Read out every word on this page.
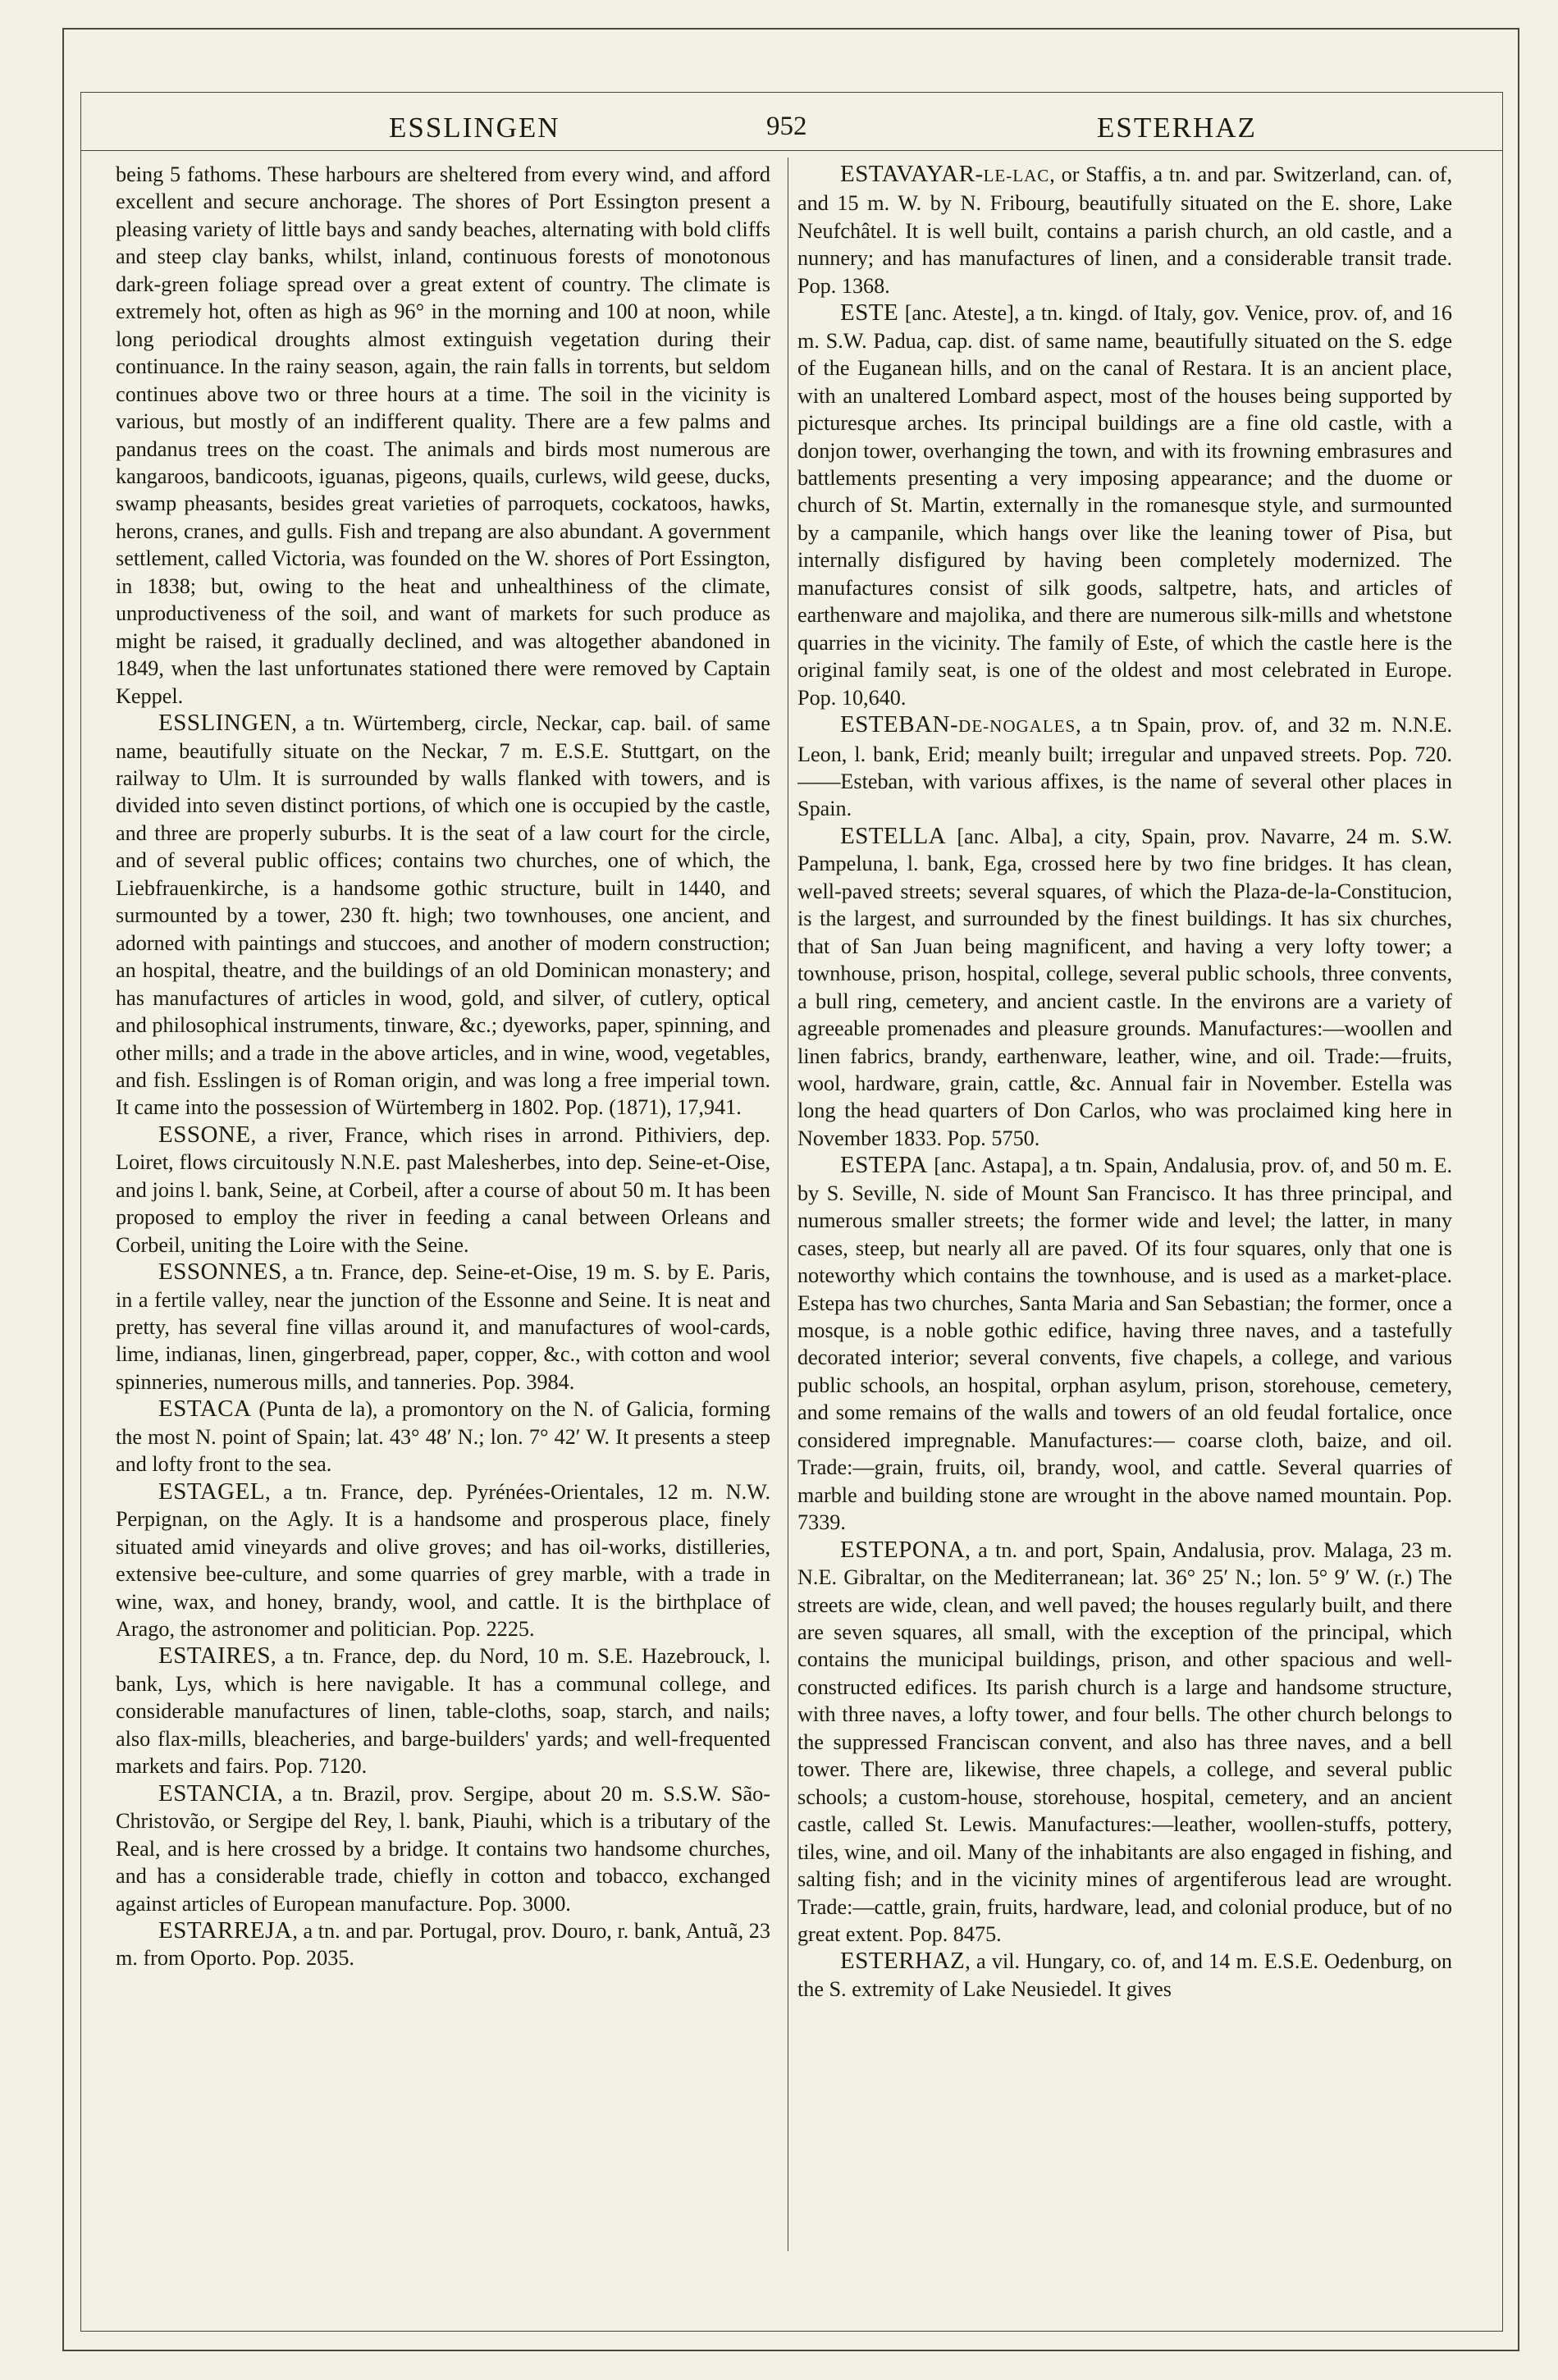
ESSLINGEN	952	ESTERHAZ

being 5 fathoms. These harbours are sheltered from every wind, and afford excellent and secure anchorage. The shores of Port Essington present a pleasing variety of little bays and sandy beaches, alternating with bold cliffs and steep clay banks, whilst, inland, continuous forests of monotonous dark-green foliage spread over a great extent of country. The climate is extremely hot, often as high as 96° in the morning and 100 at noon, while long periodical droughts almost extinguish vegetation during their continuance. In the rainy season, again, the rain falls in torrents, but seldom continues above two or three hours at a time. The soil in the vicinity is various, but mostly of an indifferent quality. There are a few palms and pandanus trees on the coast. The animals and birds most numerous are kangaroos, bandicoots, iguanas, pigeons, quails, curlews, wild geese, ducks, swamp pheasants, besides great varieties of parroquets, cockatoos, hawks, herons, cranes, and gulls. Fish and trepang are also abundant. A government settlement, called Victoria, was founded on the W. shores of Port Essington, in 1838; but, owing to the heat and unhealthiness of the climate, unproductiveness of the soil, and want of markets for such produce as might be raised, it gradually declined, and was altogether abandoned in 1849, when the last unfortunates stationed there were removed by Captain Keppel.

ESSLINGEN, a tn. Würtemberg, circle, Neckar, cap. bail. of same name, beautifully situate on the Neckar, 7 m. E.S.E. Stuttgart, on the railway to Ulm. It is surrounded by walls flanked with towers, and is divided into seven distinct portions, of which one is occupied by the castle, and three are properly suburbs. It is the seat of a law court for the circle, and of several public offices; contains two churches, one of which, the Liebfrauenkirche, is a handsome gothic structure, built in 1440, and surmounted by a tower, 230 ft. high; two townhouses, one ancient, and adorned with paintings and stuccoes, and another of modern construction; an hospital, theatre, and the buildings of an old Dominican monastery; and has manufactures of articles in wood, gold, and silver, of cutlery, optical and philosophical instruments, tinware, &c.; dyeworks, paper, spinning, and other mills; and a trade in the above articles, and in wine, wood, vegetables, and fish. Esslingen is of Roman origin, and was long a free imperial town. It came into the possession of Würtemberg in 1802. Pop. (1871), 17,941.

ESSONE, a river, France, which rises in arrond. Pithiviers, dep. Loiret, flows circuitously N.N.E. past Malesherbes, into dep. Seine-et-Oise, and joins l. bank, Seine, at Corbeil, after a course of about 50 m. It has been proposed to employ the river in feeding a canal between Orleans and Corbeil, uniting the Loire with the Seine.

ESSONNES, a tn. France, dep. Seine-et-Oise, 19 m. S. by E. Paris, in a fertile valley, near the junction of the Essonne and Seine. It is neat and pretty, has several fine villas around it, and manufactures of wool-cards, lime, indianas, linen, gingerbread, paper, copper, &c., with cotton and wool spinneries, numerous mills, and tanneries. Pop. 3984.

ESTACA (Punta de la), a promontory on the N. of Galicia, forming the most N. point of Spain; lat. 43° 48′ N.; lon. 7° 42′ W. It presents a steep and lofty front to the sea.

ESTAGEL, a tn. France, dep. Pyrénées-Orientales, 12 m. N.W. Perpignan, on the Agly. It is a handsome and prosperous place, finely situated amid vineyards and olive groves; and has oil-works, distilleries, extensive bee-culture, and some quarries of grey marble, with a trade in wine, wax, and honey, brandy, wool, and cattle. It is the birthplace of Arago, the astronomer and politician. Pop. 2225.

ESTAIRES, a tn. France, dep. du Nord, 10 m. S.E. Hazebrouck, l. bank, Lys, which is here navigable. It has a communal college, and considerable manufactures of linen, table-cloths, soap, starch, and nails; also flax-mills, bleacheries, and barge-builders' yards; and well-frequented markets and fairs. Pop. 7120.

ESTANCIA, a tn. Brazil, prov. Sergipe, about 20 m. S.S.W. São-Christovão, or Sergipe del Rey, l. bank, Piauhi, which is a tributary of the Real, and is here crossed by a bridge. It contains two handsome churches, and has a considerable trade, chiefly in cotton and tobacco, exchanged against articles of European manufacture. Pop. 3000.

ESTARREJA, a tn. and par. Portugal, prov. Douro, r. bank, Antuã, 23 m. from Oporto. Pop. 2035.

ESTAVAYAR-LE-LAC, or Staffis, a tn. and par. Switzerland, can. of, and 15 m. W. by N. Fribourg, beautifully situated on the E. shore, Lake Neufchâtel. It is well built, contains a parish church, an old castle, and a nunnery; and has manufactures of linen, and a considerable transit trade. Pop. 1368.

ESTE [anc. Ateste], a tn. kingd. of Italy, gov. Venice, prov. of, and 16 m. S.W. Padua, cap. dist. of same name, beautifully situated on the S. edge of the Euganean hills, and on the canal of Restara. It is an ancient place, with an unaltered Lombard aspect, most of the houses being supported by picturesque arches. Its principal buildings are a fine old castle, with a donjon tower, overhanging the town, and with its frowning embrasures and battlements presenting a very imposing appearance; and the duome or church of St. Martin, externally in the romanesque style, and surmounted by a campanile, which hangs over like the leaning tower of Pisa, but internally disfigured by having been completely modernized. The manufactures consist of silk goods, saltpetre, hats, and articles of earthenware and majolika, and there are numerous silk-mills and whetstone quarries in the vicinity. The family of Este, of which the castle here is the original family seat, is one of the oldest and most celebrated in Europe. Pop. 10,640.

ESTEBAN-DE-NOGALES, a tn Spain, prov. of, and 32 m. N.N.E. Leon, l. bank, Erid; meanly built; irregular and unpaved streets. Pop. 720.——Esteban, with various affixes, is the name of several other places in Spain.

ESTELLA [anc. Alba], a city, Spain, prov. Navarre, 24 m. S.W. Pampeluna, l. bank, Ega, crossed here by two fine bridges. It has clean, well-paved streets; several squares, of which the Plaza-de-la-Constitucion, is the largest, and surrounded by the finest buildings. It has six churches, that of San Juan being magnificent, and having a very lofty tower; a townhouse, prison, hospital, college, several public schools, three convents, a bull ring, cemetery, and ancient castle. In the environs are a variety of agreeable promenades and pleasure grounds. Manufactures:—woollen and linen fabrics, brandy, earthenware, leather, wine, and oil. Trade:—fruits, wool, hardware, grain, cattle, &c. Annual fair in November. Estella was long the head quarters of Don Carlos, who was proclaimed king here in November 1833. Pop. 5750.

ESTEPA [anc. Astapa], a tn. Spain, Andalusia, prov. of, and 50 m. E. by S. Seville, N. side of Mount San Francisco. It has three principal, and numerous smaller streets; the former wide and level; the latter, in many cases, steep, but nearly all are paved. Of its four squares, only that one is noteworthy which contains the townhouse, and is used as a market-place. Estepa has two churches, Santa Maria and San Sebastian; the former, once a mosque, is a noble gothic edifice, having three naves, and a tastefully decorated interior; several convents, five chapels, a college, and various public schools, an hospital, orphan asylum, prison, storehouse, cemetery, and some remains of the walls and towers of an old feudal fortalice, once considered impregnable. Manufactures:— coarse cloth, baize, and oil. Trade:—grain, fruits, oil, brandy, wool, and cattle. Several quarries of marble and building stone are wrought in the above named mountain. Pop. 7339.

ESTEPONA, a tn. and port, Spain, Andalusia, prov. Malaga, 23 m. N.E. Gibraltar, on the Mediterranean; lat. 36° 25′ N.; lon. 5° 9′ W. (r.) The streets are wide, clean, and well paved; the houses regularly built, and there are seven squares, all small, with the exception of the principal, which contains the municipal buildings, prison, and other spacious and well-constructed edifices. Its parish church is a large and handsome structure, with three naves, a lofty tower, and four bells. The other church belongs to the suppressed Franciscan convent, and also has three naves, and a bell tower. There are, likewise, three chapels, a college, and several public schools; a custom-house, storehouse, hospital, cemetery, and an ancient castle, called St. Lewis. Manufactures:—leather, woollen-stuffs, pottery, tiles, wine, and oil. Many of the inhabitants are also engaged in fishing, and salting fish; and in the vicinity mines of argentiferous lead are wrought. Trade:—cattle, grain, fruits, hardware, lead, and colonial produce, but of no great extent. Pop. 8475.

ESTERHAZ, a vil. Hungary, co. of, and 14 m. E.S.E. Oedenburg, on the S. extremity of Lake Neusiedel. It gives
